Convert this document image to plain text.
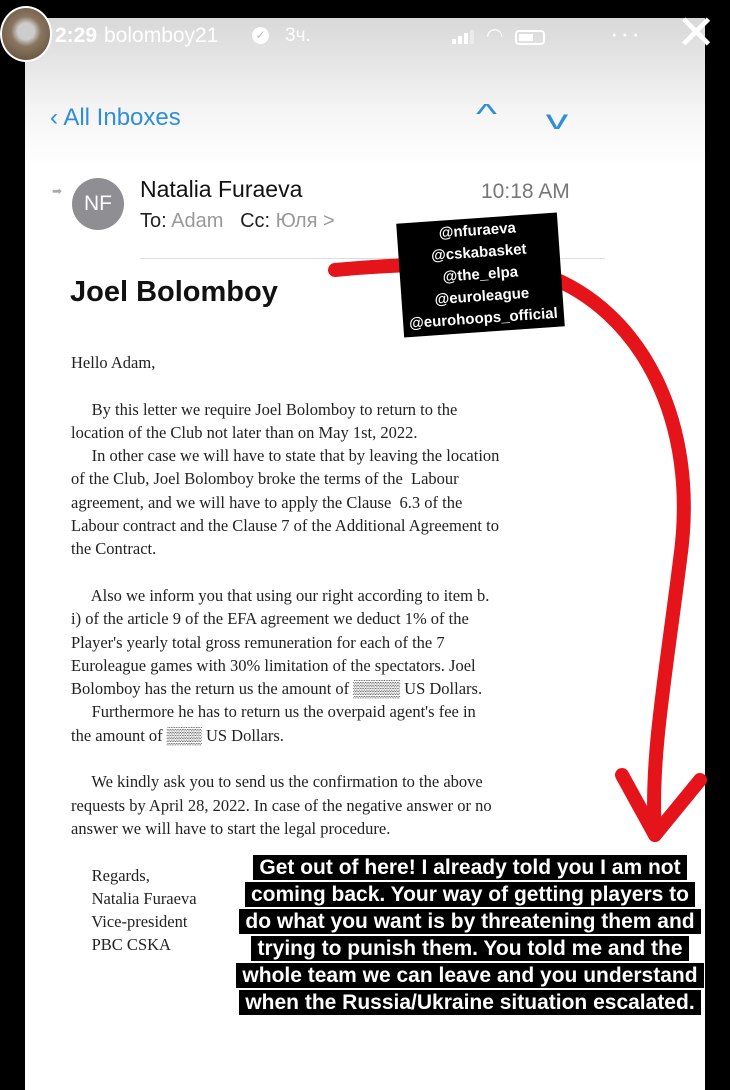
‹ All Inboxes	^ v
➡
NF
Natalia Furaeva	10:18 AM
To: Adam Cc: Юля >
Joel Bolomboy
Hello Adam,

By this letter we require Joel Bolomboy to return to the
location of the Club not later than on May 1st, 2022.
In other case we will have to state that by leaving the location
of the Club, Joel Bolomboy broke the terms of the  Labour
agreement, and we will have to apply the Clause  6.3 of the
Labour contract and the Clause 7 of the Additional Agreement to
the Contract.

Also we inform you that using our right according to item b.
i) of the article 9 of the EFA agreement we deduct 1% of the
Player's yearly total gross remuneration for each of the 7
Euroleague games with 30% limitation of the spectators. Joel
Bolomboy has the return us the amount of ▒▒▒▒ US Dollars.
Furthermore he has to return us the overpaid agent's fee in
the amount of ▒▒▒ US Dollars.

We kindly ask you to send us the confirmation to the above
requests by April 28, 2022. In case of the negative answer or no
answer we will have to start the legal procedure.

Regards,
Natalia Furaeva
Vice-president
PBC CSKA
2:29 bolomboy21	✓ 3ч.	◠	··· ✕
@nfuraeva
@cskabasket
@the_elpa
@euroleague
@eurohoops_official
Get out of here! I already told you I am not coming back. Your way of getting players to do what you want is by threatening them and trying to punish them. You told me and the whole team we can leave and you understand when the Russia/Ukraine situation escalated.
